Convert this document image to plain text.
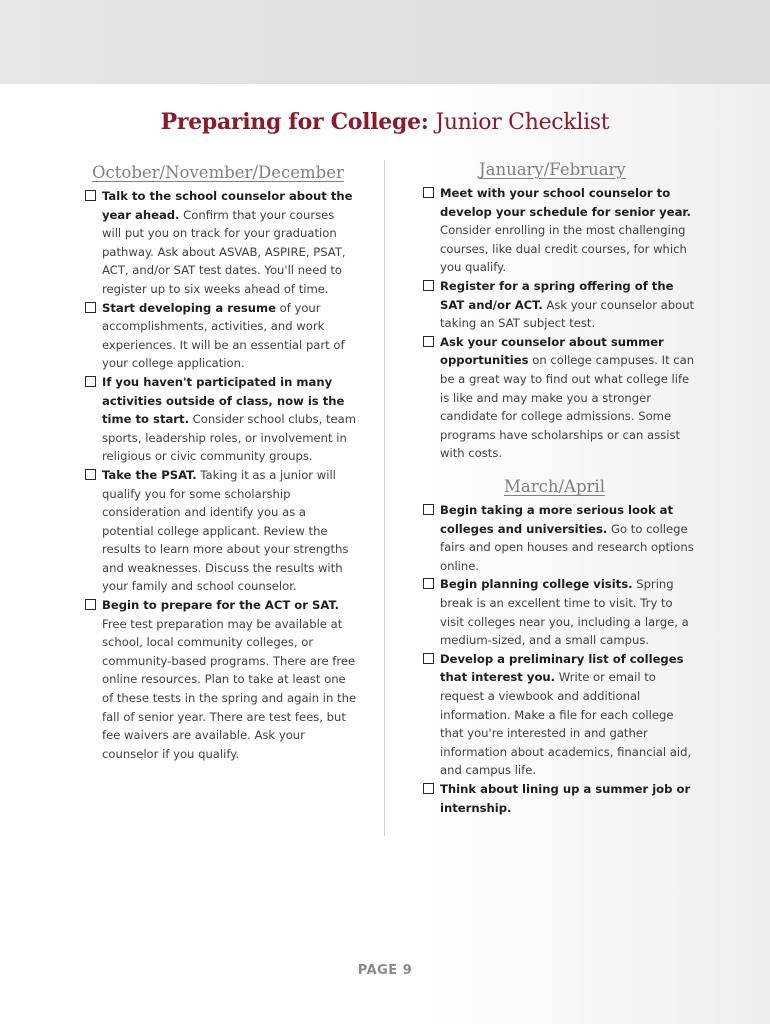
Preparing for College: Junior Checklist
October/November/December	January/February
March/April
Talk to the school counselor about the year ahead. Confirm that your courses will put you on track for your graduation pathway. Ask about ASVAB, ASPIRE, PSAT, ACT, and/or SAT test dates. You'll need to register up to six weeks ahead of time.
Start developing a resume of your accomplishments, activities, and work experiences. It will be an essential part of your college application.
If you haven't participated in many activities outside of class, now is the time to start. Consider school clubs, team sports, leadership roles, or involvement in religious or civic community groups.
Take the PSAT. Taking it as a junior will qualify you for some scholarship consideration and identify you as a potential college applicant. Review the results to learn more about your strengths and weaknesses. Discuss the results with your family and school counselor.
Begin to prepare for the ACT or SAT. Free test preparation may be available at school, local community colleges, or community-based programs. There are free online resources. Plan to take at least one of these tests in the spring and again in the fall of senior year. There are test fees, but fee waivers are available. Ask your counselor if you qualify.
Meet with your school counselor to develop your schedule for senior year. Consider enrolling in the most challenging courses, like dual credit courses, for which you qualify.
Register for a spring offering of the SAT and/or ACT. Ask your counselor about taking an SAT subject test.
Ask your counselor about summer opportunities on college campuses. It can be a great way to find out what college life is like and may make you a stronger candidate for college admissions. Some programs have scholarships or can assist with costs.
Begin taking a more serious look at colleges and universities. Go to college fairs and open houses and research options online.
Begin planning college visits. Spring break is an excellent time to visit. Try to visit colleges near you, including a large, a medium-sized, and a small campus.
Develop a preliminary list of colleges that interest you. Write or email to request a viewbook and additional information. Make a file for each college that you're interested in and gather information about academics, financial aid, and campus life.
Think about lining up a summer job or internship.
PAGE 9
